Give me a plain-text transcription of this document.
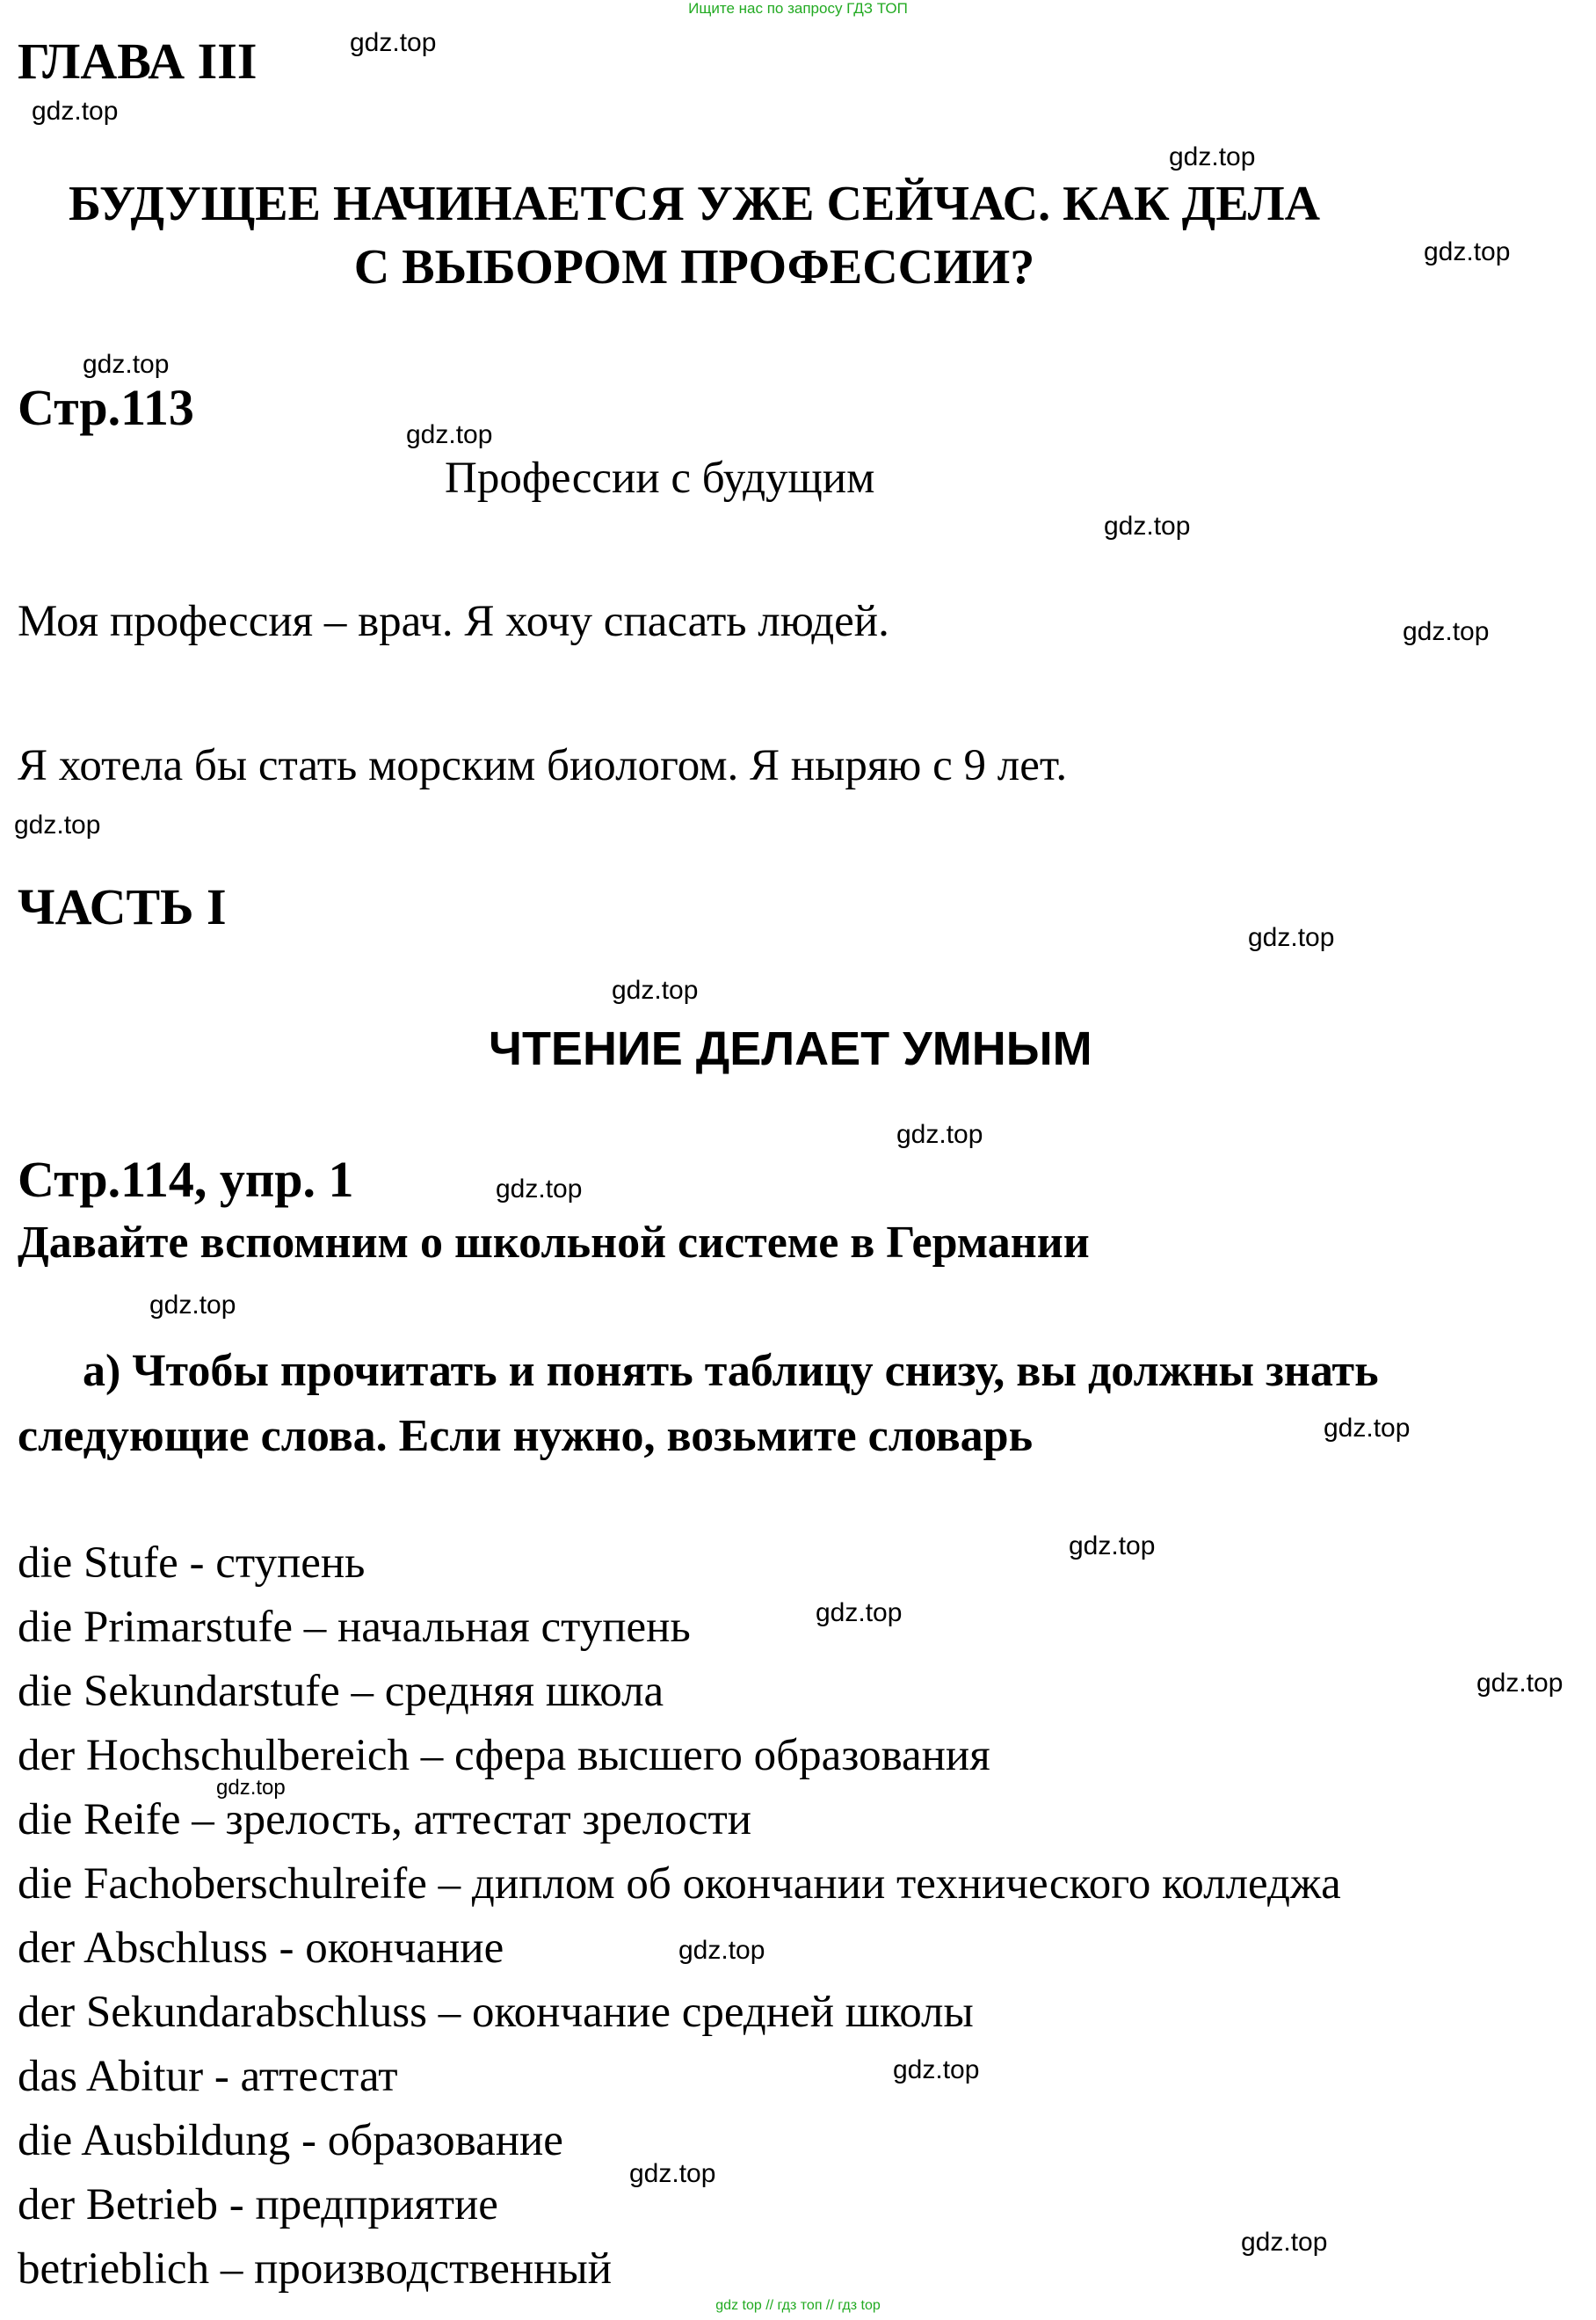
Ищите нас по запросу ГДЗ ТОП
ГЛАВА III
БУДУЩЕЕ НАЧИНАЕТСЯ УЖЕ СЕЙЧАС. КАК ДЕЛА
С ВЫБОРОМ ПРОФЕССИИ?
Стр.113
Профессии с будущим
Моя профессия – врач. Я хочу спасать людей.
Я хотела бы стать морским биологом. Я ныряю с 9 лет.
ЧАСТЬ I
ЧТЕНИЕ ДЕЛАЕТ УМНЫМ
Стр.114, упр. 1
Давайте вспомним о школьной системе в Германии
а) Чтобы прочитать и понять таблицу снизу, вы должны знать
следующие слова. Если нужно, возьмите словарь
die Stufe - ступень
die Primarstufe – начальная ступень
die Sekundarstufe – средняя школа
der Hochschulbereich – сфера высшего образования
die Reife – зрелость, аттестат зрелости
die Fachoberschulreife – диплом об окончании технического колледжа
der Abschluss - окончание
der Sekundarabschluss – окончание средней школы
das Abitur - аттестат
die Ausbildung - образование
der Betrieb - предприятие
betrieblich – производственный
gdz.top
gdz.top
gdz.top
gdz.top
gdz.top
gdz.top
gdz.top
gdz.top
gdz.top
gdz.top
gdz.top
gdz.top
gdz.top
gdz.top
gdz.top
gdz.top
gdz.top
gdz.top
gdz.top
gdz.top
gdz.top
gdz.top
gdz.top
gdz top // гдз топ // гдз top
